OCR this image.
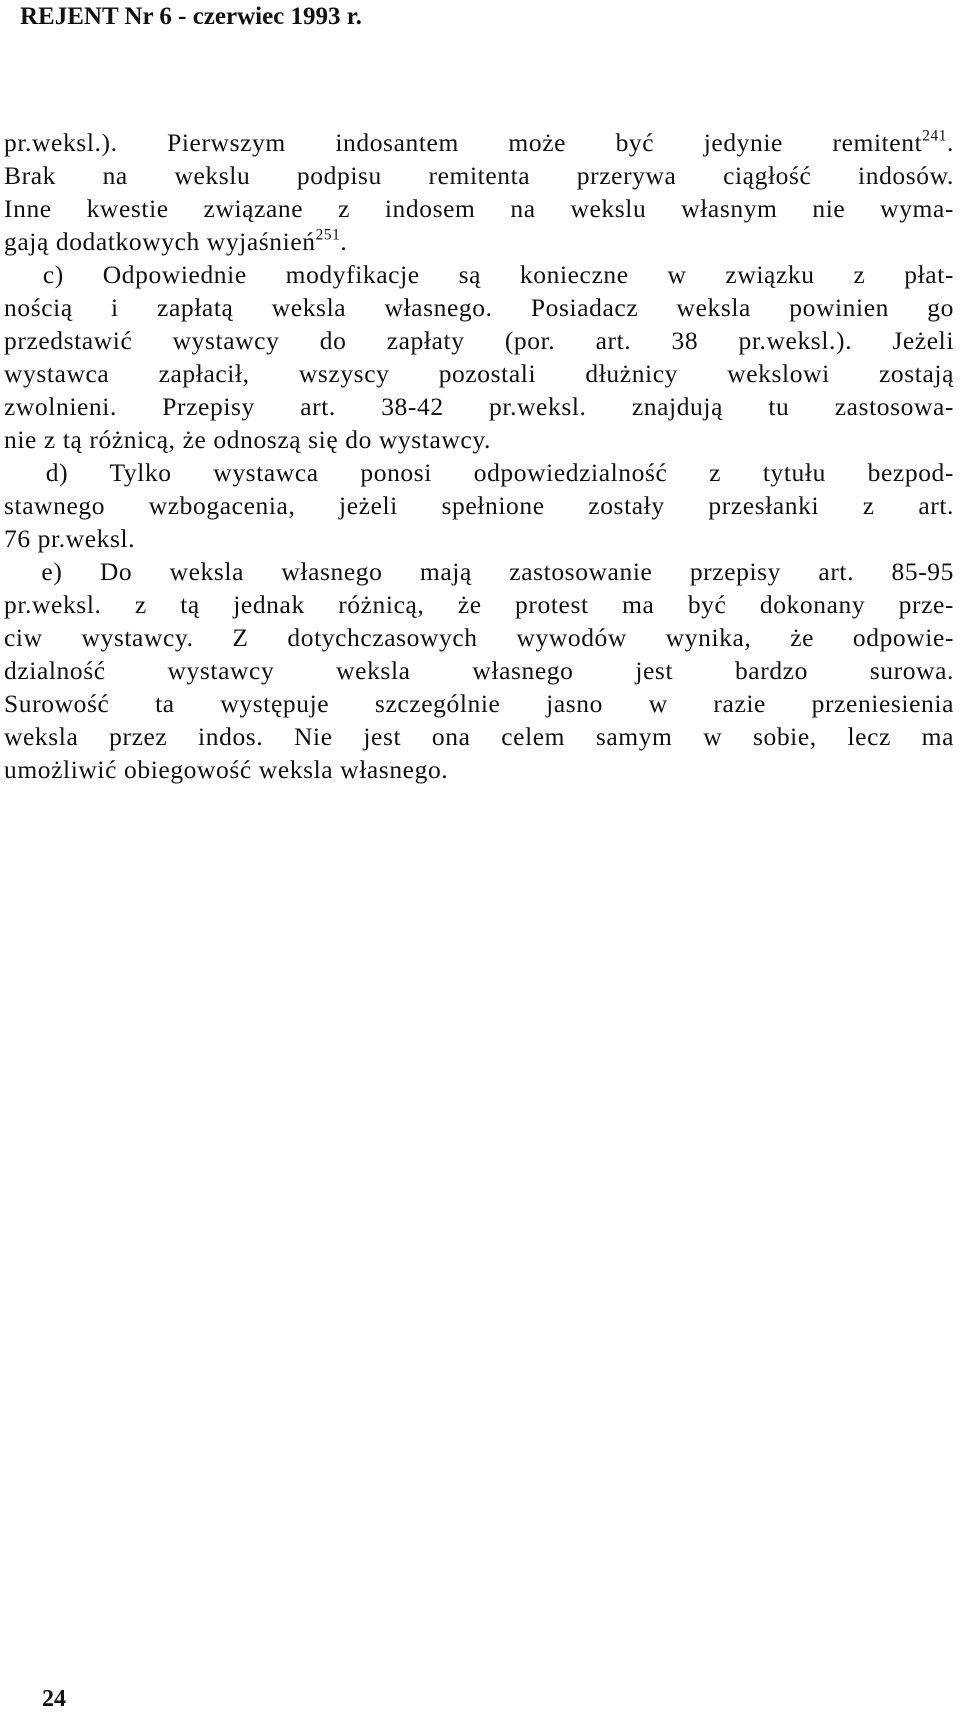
REJENT Nr 6 - czerwiec 1993 r.
pr.weksl.). Pierwszym indosantem może być jedynie remitent$^{241}$.
Brak na wekslu podpisu remitenta przerywa ciągłość indosów.
Inne kwestie związane z indosem na wekslu własnym nie wyma-
gają dodatkowych wyjaśnień$^{251}$.
c) Odpowiednie modyfikacje są konieczne w związku z płat-
nością i zapłatą weksla własnego. Posiadacz weksla powinien go
przedstawić wystawcy do zapłaty (por. art. 38 pr.weksl.). Jeżeli
wystawca zapłacił, wszyscy pozostali dłużnicy wekslowi zostają
zwolnieni. Przepisy art. 38-42 pr.weksl. znajdują tu zastosowa-
nie z tą różnicą, że odnoszą się do wystawcy.
d) Tylko wystawca ponosi odpowiedzialność z tytułu bezpod-
stawnego wzbogacenia, jeżeli spełnione zostały przesłanki z art.
76 pr.weksl.
e) Do weksla własnego mają zastosowanie przepisy art. 85-95
pr.weksl. z tą jednak różnicą, że protest ma być dokonany prze-
ciw wystawcy. Z dotychczasowych wywodów wynika, że odpowie-
dzialność wystawcy weksla własnego jest bardzo surowa.
Surowość ta występuje szczególnie jasno w razie przeniesienia
weksla przez indos. Nie jest ona celem samym w sobie, lecz ma
umożliwić obiegowość weksla własnego.
24
